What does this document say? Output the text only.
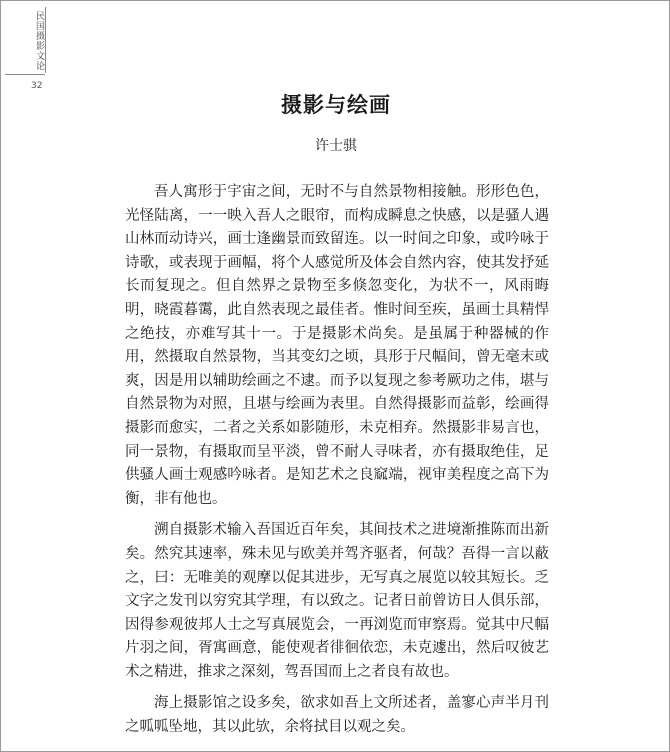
民国摄影文论
32
摄影与绘画
许士骐

吾人寓形于宇宙之间，无时不与自然景物相接触。形形色色，光怪陆离，一一映入吾人之眼帘，而构成瞬息之快感，以是骚人遇山林而动诗兴，画士逢幽景而致留连。以一时间之印象，或吟咏于诗歌，或表现于画幅，将个人感觉所及体会自然内容，使其发抒延长而复现之。但自然界之景物至多倏忽变化，为状不一，风雨晦明，晓霞暮霭，此自然表现之最佳者。惟时间至疾，虽画士具精悍之绝技，亦难写其十一。于是摄影术尚矣。是虽属于种器械的作用，然摄取自然景物，当其变幻之顷，具形于尺幅间，曾无毫末或爽，因是用以辅助绘画之不逮。而予以复现之参考厥功之伟，堪与自然景物为对照，且堪与绘画为表里。自然得摄影而益彰，绘画得摄影而愈实，二者之关系如影随形，未克相弃。然摄影非易言也，同一景物，有摄取而呈平淡，曾不耐人寻味者，亦有摄取绝佳，足供骚人画士观感吟咏者。是知艺术之良窳端，视审美程度之高下为衡，非有他也。

溯自摄影术输入吾国近百年矣，其间技术之进境渐推陈而出新矣。然究其速率，殊未见与欧美并驾齐驱者，何哉？吾得一言以蔽之，曰：无唯美的观摩以促其进步，无写真之展览以较其短长。乏文字之发刊以穷究其学理，有以致之。记者日前曾访日人俱乐部，因得参观彼邦人士之写真展览会，一再浏览而审察焉。觉其中尺幅片羽之间，胥寓画意，能使观者徘徊依恋，未克遽出，然后叹彼艺术之精进，推求之深刻，驾吾国而上之者良有故也。

海上摄影馆之设多矣，欲求如吾上文所述者，盖寥心声半月刊之呱呱坠地，其以此欤，余将拭目以观之矣。
